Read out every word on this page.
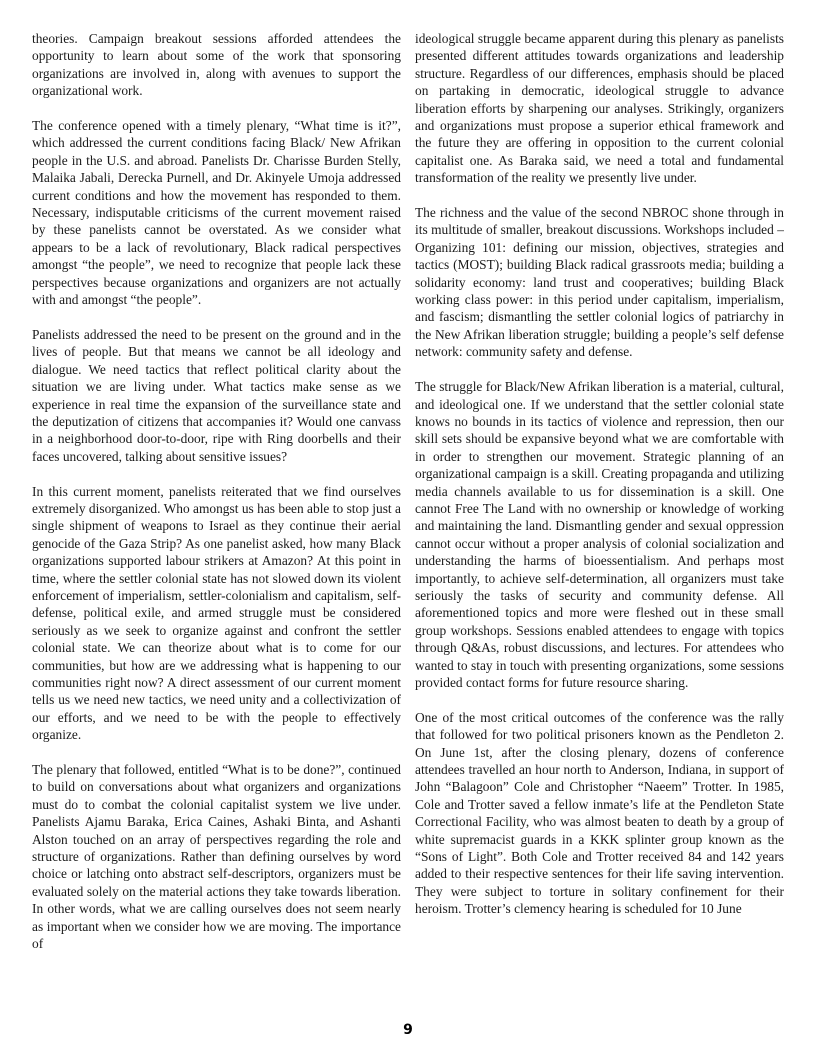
theories. Campaign breakout sessions afforded attendees the opportunity to learn about some of the work that sponsoring organizations are involved in, along with avenues to support the organizational work.

The conference opened with a timely plenary, “What time is it?”, which addressed the current conditions facing Black/ New Afrikan people in the U.S. and abroad. Panelists Dr. Charisse Burden Stelly, Malaika Jabali, Derecka Purnell, and Dr. Akinyele Umoja addressed current conditions and how the movement has responded to them. Necessary, indisputable criticisms of the current movement raised by these panelists cannot be overstated. As we consider what appears to be a lack of revolutionary, Black radical perspectives amongst “the people”, we need to recognize that people lack these perspectives because organizations and organizers are not actually with and amongst “the people”.

Panelists addressed the need to be present on the ground and in the lives of people. But that means we cannot be all ideology and dialogue. We need tactics that reflect political clarity about the situation we are living under. What tactics make sense as we experience in real time the expansion of the surveillance state and the deputization of citizens that accompanies it? Would one canvass in a neighborhood door-to-door, ripe with Ring doorbells and their faces uncovered, talking about sensitive issues?

In this current moment, panelists reiterated that we find ourselves extremely disorganized. Who amongst us has been able to stop just a single shipment of weapons to Israel as they continue their aerial genocide of the Gaza Strip? As one panelist asked, how many Black organizations supported labour strikers at Amazon? At this point in time, where the settler colonial state has not slowed down its violent enforcement of imperialism, settler-colonialism and capitalism, self-defense, political exile, and armed struggle must be considered seriously as we seek to organize against and confront the settler colonial state. We can theorize about what is to come for our communities, but how are we addressing what is happening to our communities right now? A direct assessment of our current moment tells us we need new tactics, we need unity and a collectivization of our efforts, and we need to be with the people to effectively organize.

The plenary that followed, entitled “What is to be done?”, continued to build on conversations about what organizers and organizations must do to combat the colonial capitalist system we live under. Panelists Ajamu Baraka, Erica Caines, Ashaki Binta, and Ashanti Alston touched on an array of perspectives regarding the role and structure of organizations. Rather than defining ourselves by word choice or latching onto abstract self-descriptors, organizers must be evaluated solely on the material actions they take towards liberation. In other words, what we are calling ourselves does not seem nearly as important when we consider how we are moving. The importance of

ideological struggle became apparent during this plenary as panelists presented different attitudes towards organizations and leadership structure. Regardless of our differences, emphasis should be placed on partaking in democratic, ideological struggle to advance liberation efforts by sharpening our analyses. Strikingly, organizers and organizations must propose a superior ethical framework and the future they are offering in opposition to the current colonial capitalist one. As Baraka said, we need a total and fundamental transformation of the reality we presently live under.

The richness and the value of the second NBROC shone through in its multitude of smaller, breakout discussions. Workshops included – Organizing 101: defining our mission, objectives, strategies and tactics (MOST); building Black radical grassroots media; building a solidarity economy: land trust and cooperatives; building Black working class power: in this period under capitalism, imperialism, and fascism; dismantling the settler colonial logics of patriarchy in the New Afrikan liberation struggle; building a people’s self defense network: community safety and defense.

The struggle for Black/New Afrikan liberation is a material, cultural, and ideological one. If we understand that the settler colonial state knows no bounds in its tactics of violence and repression, then our skill sets should be expansive beyond what we are comfortable with in order to strengthen our movement. Strategic planning of an organizational campaign is a skill. Creating propaganda and utilizing media channels available to us for dissemination is a skill. One cannot Free The Land with no ownership or knowledge of working and maintaining the land. Dismantling gender and sexual oppression cannot occur without a proper analysis of colonial socialization and understanding the harms of bioessentialism. And perhaps most importantly, to achieve self-determination, all organizers must take seriously the tasks of security and community defense. All aforementioned topics and more were fleshed out in these small group workshops. Sessions enabled attendees to engage with topics through Q&As, robust discussions, and lectures. For attendees who wanted to stay in touch with presenting organizations, some sessions provided contact forms for future resource sharing.

One of the most critical outcomes of the conference was the rally that followed for two political prisoners known as the Pendleton 2. On June 1st, after the closing plenary, dozens of conference attendees travelled an hour north to Anderson, Indiana, in support of John “Balagoon” Cole and Christopher “Naeem” Trotter. In 1985, Cole and Trotter saved a fellow inmate’s life at the Pendleton State Correctional Facility, who was almost beaten to death by a group of white supremacist guards in a KKK splinter group known as the “Sons of Light”. Both Cole and Trotter received 84 and 142 years added to their respective sentences for their life saving intervention. They were subject to torture in solitary confinement for their heroism. Trotter’s clemency hearing is scheduled for 10 June

9
